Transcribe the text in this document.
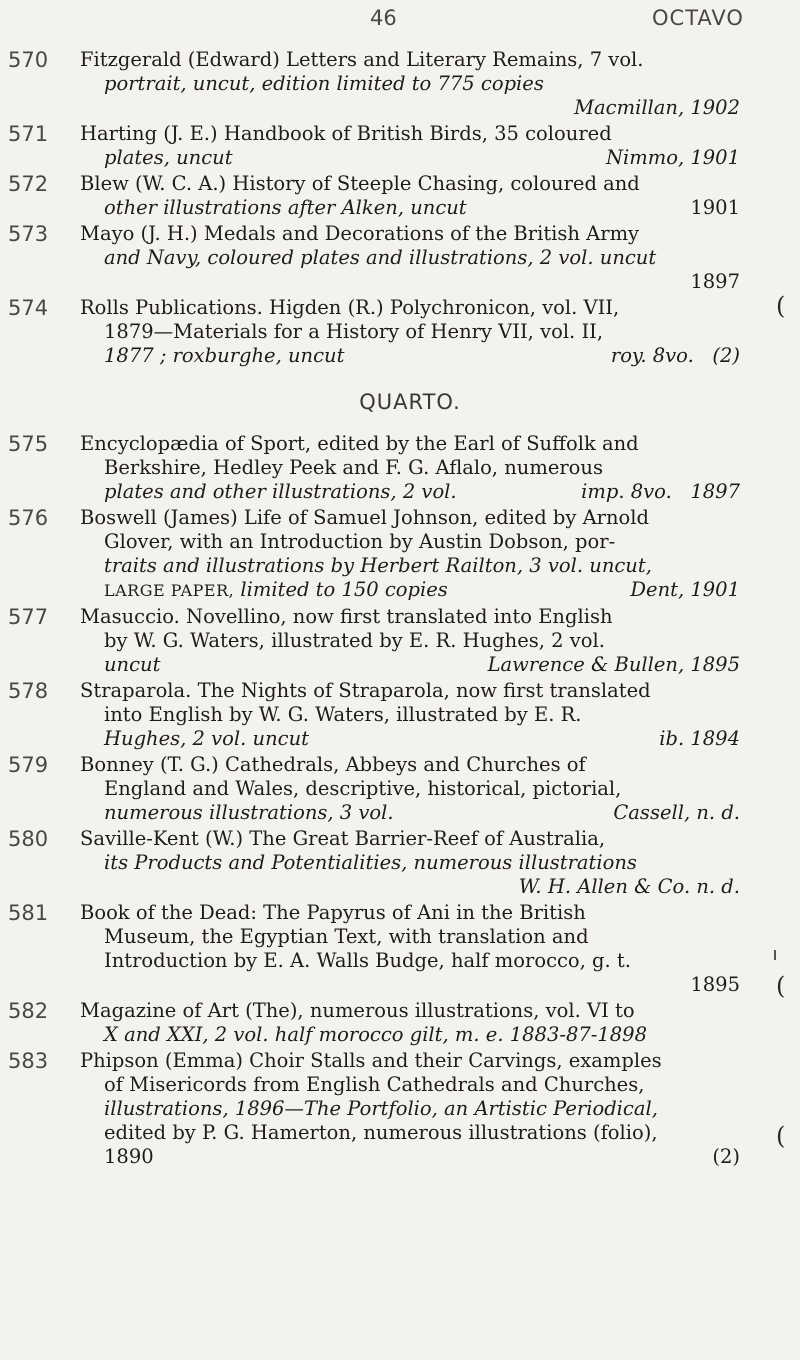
46	OCTAVO
(
(
(
570 Fitzgerald (Edward) Letters and Literary Remains, 7 vol.
portrait, uncut, edition limited to 775 copies
Macmillan, 1902
571 Harting (J. E.) Handbook of British Birds, 35 coloured
plates, uncut	Nimmo, 1901
572 Blew (W. C. A.) History of Steeple Chasing, coloured and
other illustrations after Alken, uncut	1901
573 Mayo (J. H.) Medals and Decorations of the British Army
and Navy, coloured plates and illustrations, 2 vol. uncut
1897
574 Rolls Publications. Higden (R.) Polychronicon, vol. VII,
1879—Materials for a History of Henry VII, vol. II,
1877 ; roxburghe, uncut	roy. 8vo.   (2)
QUARTO.
575 Encyclopædia of Sport, edited by the Earl of Suffolk and
Berkshire, Hedley Peek and F. G. Aflalo, numerous
plates and other illustrations, 2 vol.	imp. 8vo.   1897
576 Boswell (James) Life of Samuel Johnson, edited by Arnold
Glover, with an Introduction by Austin Dobson, por-
traits and illustrations by Herbert Railton, 3 vol. uncut,
LARGE PAPER, limited to 150 copies	Dent, 1901
577 Masuccio. Novellino, now first translated into English
by W. G. Waters, illustrated by E. R. Hughes, 2 vol.
uncut	Lawrence & Bullen, 1895
578 Straparola. The Nights of Straparola, now first translated
into English by W. G. Waters, illustrated by E. R.
Hughes, 2 vol. uncut	ib. 1894
579 Bonney (T. G.) Cathedrals, Abbeys and Churches of
England and Wales, descriptive, historical, pictorial,
numerous illustrations, 3 vol.	Cassell, n. d.
580 Saville-Kent (W.) The Great Barrier-Reef of Australia,
its Products and Potentialities, numerous illustrations
W. H. Allen & Co. n. d.
581 Book of the Dead: The Papyrus of Ani in the British
Museum, the Egyptian Text, with translation and
Introduction by E. A. Walls Budge, half morocco, g. t.
1895
582 Magazine of Art (The), numerous illustrations, vol. VI to
X and XXI, 2 vol. half morocco gilt, m. e. 1883-87-1898
583 Phipson (Emma) Choir Stalls and their Carvings, examples
of Misericords from English Cathedrals and Churches,
illustrations, 1896—The Portfolio, an Artistic Periodical,
edited by P. G. Hamerton, numerous illustrations (folio),
1890	(2)
